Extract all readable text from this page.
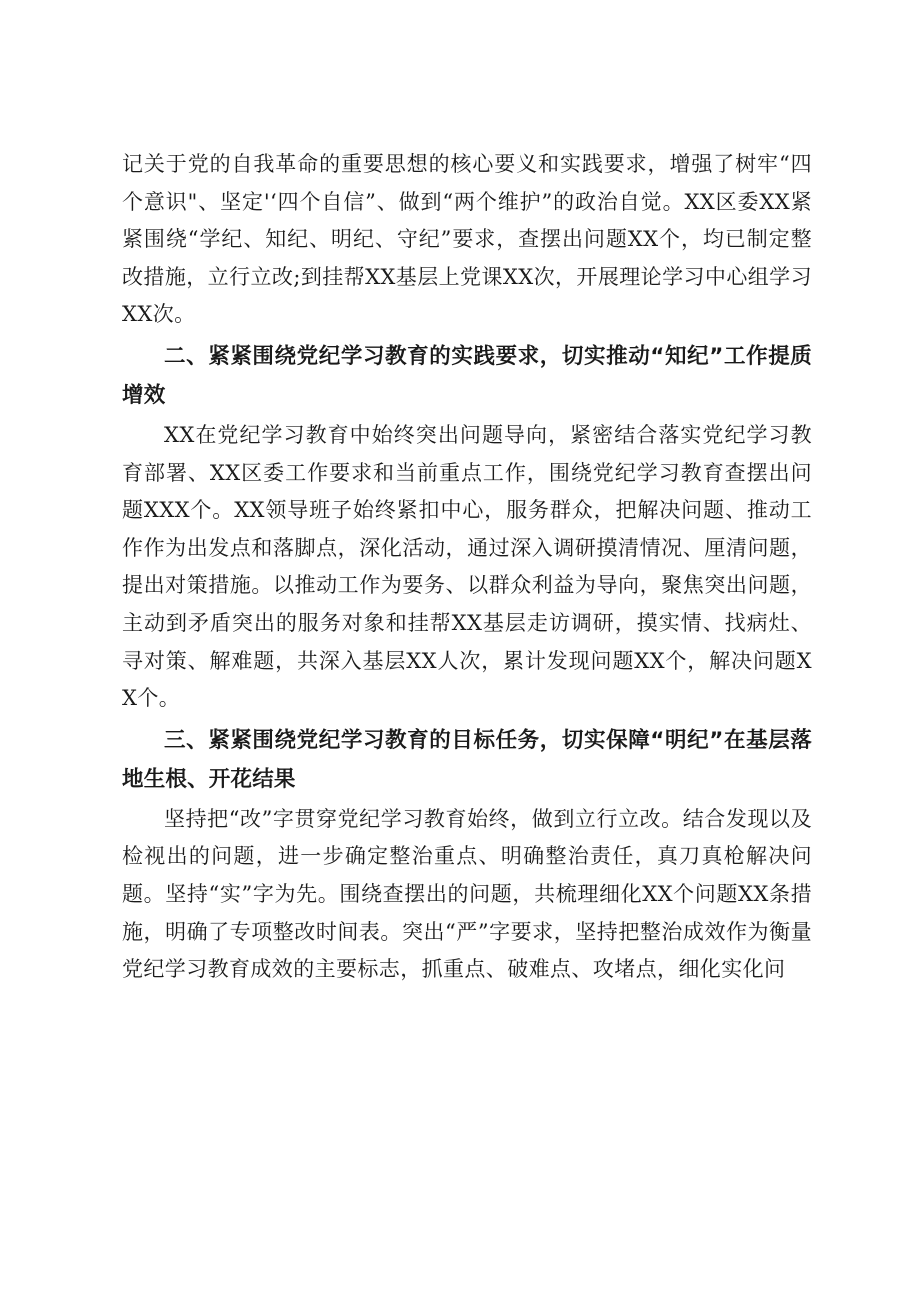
记关于党的自我革命的重要思想的核心要义和实践要求，增强了树牢“四个意识"、坚定'‘四个自信”、做到“两个维护”的政治自觉。XX区委XX紧紧围绕“学纪、知纪、明纪、守纪”要求，查摆出问题XX个，均已制定整改措施，立行立改;到挂帮XX基层上党课XX次，开展理论学习中心组学习XX次。

二、紧紧围绕党纪学习教育的实践要求，切实推动“知纪”工作提质增效

XX在党纪学习教育中始终突出问题导向，紧密结合落实党纪学习教育部署、XX区委工作要求和当前重点工作，围绕党纪学习教育查摆出问题XXX个。XX领导班子始终紧扣中心，服务群众，把解决问题、推动工作作为出发点和落脚点，深化活动，通过深入调研摸清情况、厘清问题，提出对策措施。以推动工作为要务、以群众利益为导向，聚焦突出问题，主动到矛盾突出的服务对象和挂帮XX基层走访调研，摸实情、找病灶、寻对策、解难题，共深入基层XX人次，累计发现问题XX个，解决问题XX个。

三、紧紧围绕党纪学习教育的目标任务，切实保障“明纪”在基层落地生根、开花结果

坚持把“改”字贯穿党纪学习教育始终，做到立行立改。结合发现以及检视出的问题，进一步确定整治重点、明确整治责任，真刀真枪解决问题。坚持“实”字为先。围绕查摆出的问题，共梳理细化XX个问题XX条措施，明确了专项整改时间表。突出“严”字要求，坚持把整治成效作为衡量党纪学习教育成效的主要标志，抓重点、破难点、攻堵点，细化实化问
